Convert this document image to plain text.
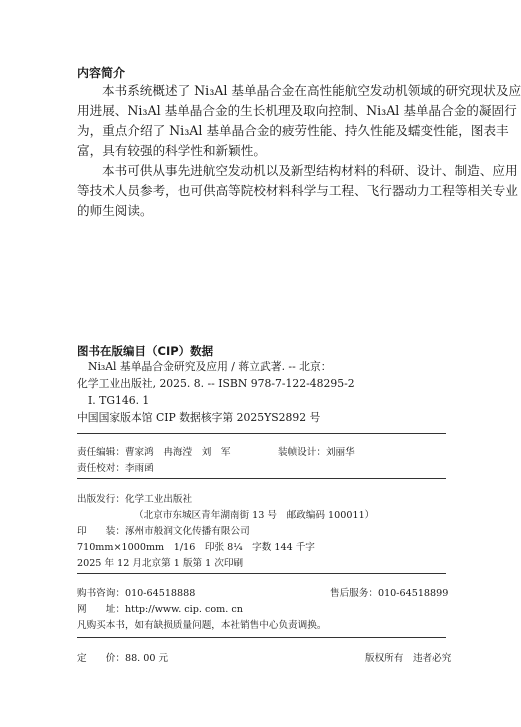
内容简介
本书系统概述了 Ni₃Al 基单晶合金在高性能航空发动机领域的研究现状及应
用进展、Ni₃Al 基单晶合金的生长机理及取向控制、Ni₃Al 基单晶合金的凝固行
为，重点介绍了 Ni₃Al 基单晶合金的疲劳性能、持久性能及蠕变性能，图表丰
富，具有较强的科学性和新颖性。
本书可供从事先进航空发动机以及新型结构材料的科研、设计、制造、应用
等技术人员参考，也可供高等院校材料科学与工程、飞行器动力工程等相关专业
的师生阅读。
图书在版编目（CIP）数据
Ni₃Al 基单晶合金研究及应用 / 蒋立武著. -- 北京：
化学工业出版社, 2025. 8. -- ISBN 978-7-122-48295-2
Ⅰ. TG146. 1
中国国家版本馆 CIP 数据核字第 2025YS2892 号
责任编辑：曹家鸿　冉海滢　刘　军	装帧设计：刘丽华
责任校对：李雨函
出版发行：化学工业出版社
（北京市东城区青年湖南街 13 号　邮政编码 100011）
印　　装：涿州市般润文化传播有限公司
710mm×1000mm　1/16　印张 8¼　字数 144 千字
2025 年 12 月北京第 1 版第 1 次印刷
购书咨询：010-64518888	售后服务：010-64518899
网　　址：http://www. cip. com. cn
凡购买本书，如有缺损质量问题，本社销售中心负责调换。
定　　价：88. 00 元	版权所有　违者必究
